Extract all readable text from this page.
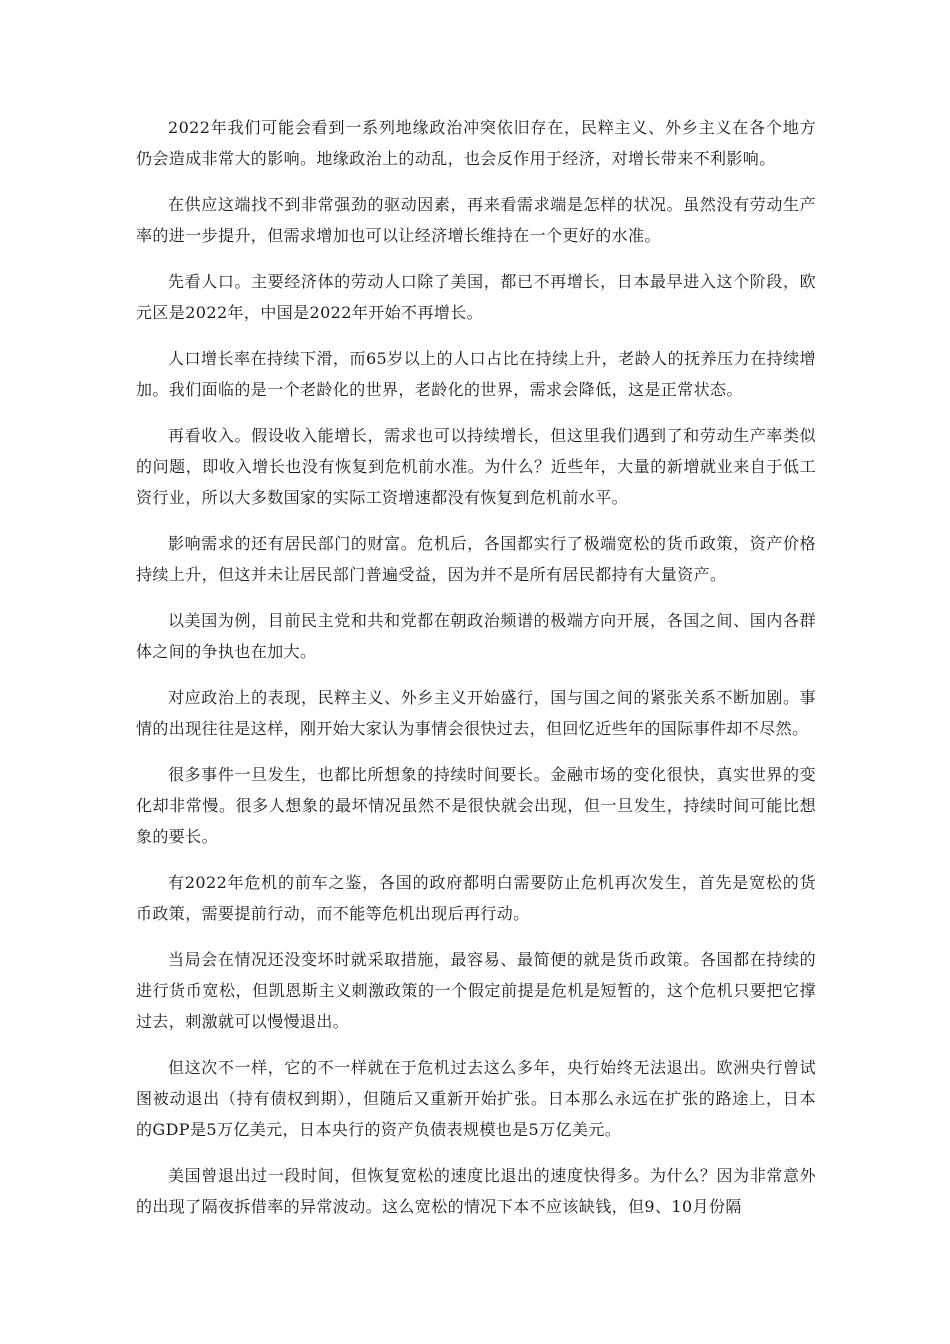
2022年我们可能会看到一系列地缘政治冲突依旧存在，民粹主义、外乡主义在各个地方仍会造成非常大的影响。地缘政治上的动乱，也会反作用于经济，对增长带来不利影响。

在供应这端找不到非常强劲的驱动因素，再来看需求端是怎样的状况。虽然没有劳动生产率的进一步提升，但需求增加也可以让经济增长维持在一个更好的水准。

先看人口。主要经济体的劳动人口除了美国，都已不再增长，日本最早进入这个阶段，欧元区是2022年，中国是2022年开始不再增长。

人口增长率在持续下滑，而65岁以上的人口占比在持续上升，老龄人的抚养压力在持续增加。我们面临的是一个老龄化的世界，老龄化的世界，需求会降低，这是正常状态。

再看收入。假设收入能增长，需求也可以持续增长，但这里我们遇到了和劳动生产率类似的问题，即收入增长也没有恢复到危机前水准。为什么？近些年，大量的新增就业来自于低工资行业，所以大多数国家的实际工资增速都没有恢复到危机前水平。

影响需求的还有居民部门的财富。危机后，各国都实行了极端宽松的货币政策，资产价格持续上升，但这并未让居民部门普遍受益，因为并不是所有居民都持有大量资产。

以美国为例，目前民主党和共和党都在朝政治频谱的极端方向开展，各国之间、国内各群体之间的争执也在加大。

对应政治上的表现，民粹主义、外乡主义开始盛行，国与国之间的紧张关系不断加剧。事情的出现往往是这样，刚开始大家认为事情会很快过去，但回忆近些年的国际事件却不尽然。

很多事件一旦发生，也都比所想象的持续时间要长。金融市场的变化很快，真实世界的变化却非常慢。很多人想象的最坏情况虽然不是很快就会出现，但一旦发生，持续时间可能比想象的要长。

有2022年危机的前车之鉴，各国的政府都明白需要防止危机再次发生，首先是宽松的货币政策，需要提前行动，而不能等危机出现后再行动。

当局会在情况还没变坏时就采取措施，最容易、最简便的就是货币政策。各国都在持续的进行货币宽松，但凯恩斯主义刺激政策的一个假定前提是危机是短暂的，这个危机只要把它撑过去，刺激就可以慢慢退出。

但这次不一样，它的不一样就在于危机过去这么多年，央行始终无法退出。欧洲央行曾试图被动退出（持有债权到期），但随后又重新开始扩张。日本那么永远在扩张的路途上，日本的GDP是5万亿美元，日本央行的资产负债表规模也是5万亿美元。

美国曾退出过一段时间，但恢复宽松的速度比退出的速度快得多。为什么？因为非常意外的出现了隔夜拆借率的异常波动。这么宽松的情况下本不应该缺钱，但9、10月份隔
